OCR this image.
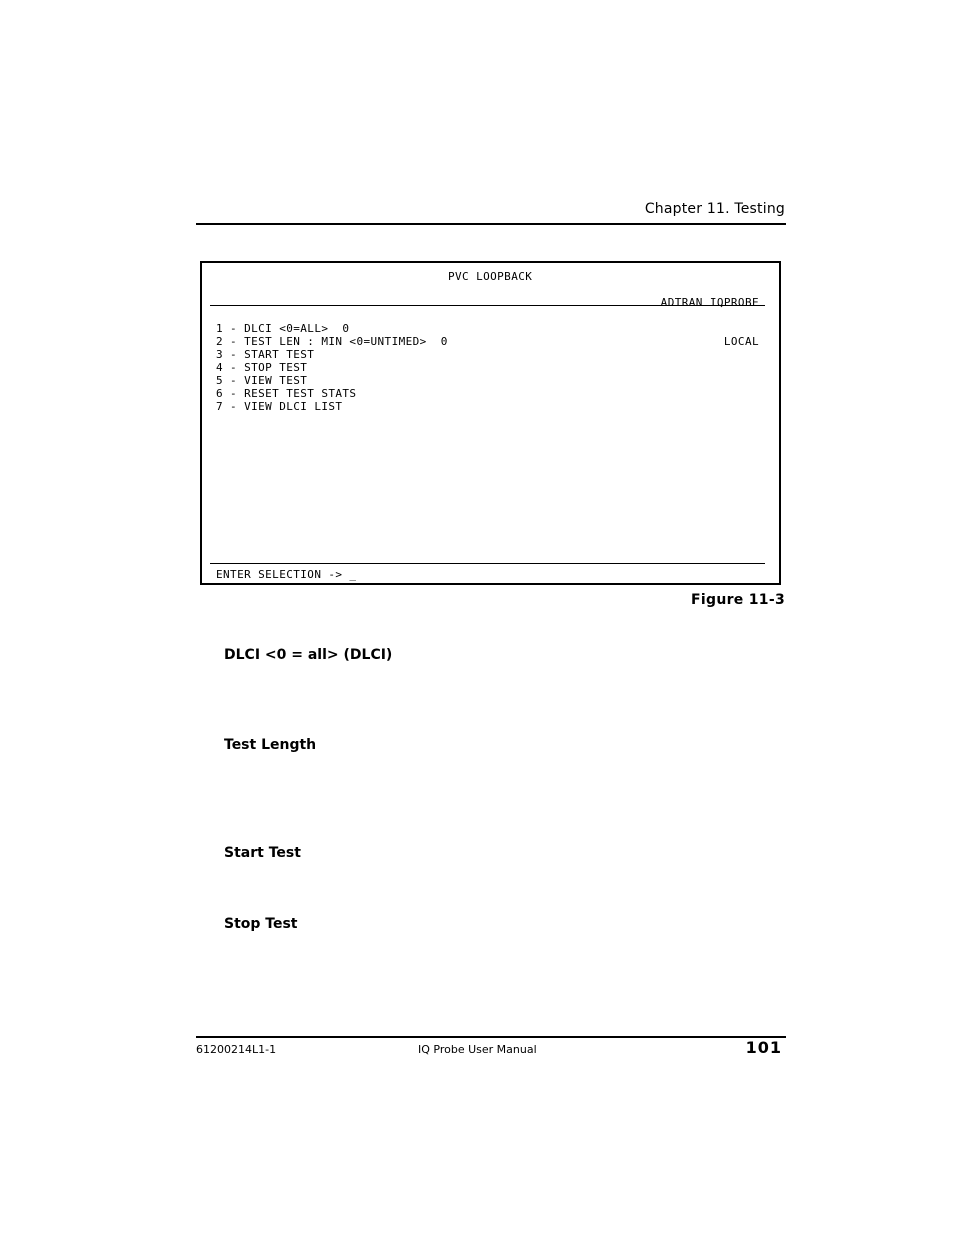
Chapter 11. Testing
PVC LOOPBACK

ADTRAN IQPROBE

LOCAL

1 - DLCI <0=ALL>  0
2 - TEST LEN : MIN <0=UNTIMED>  0
3 - START TEST
4 - STOP TEST
5 - VIEW TEST
6 - RESET TEST STATS
7 - VIEW DLCI LIST
ENTER SELECTION -> _
Figure 11-3
DLCI <0 = all> (DLCI)
Test Length
Start Test
Stop Test
61200214L1-1	IQ Probe User Manual	101
